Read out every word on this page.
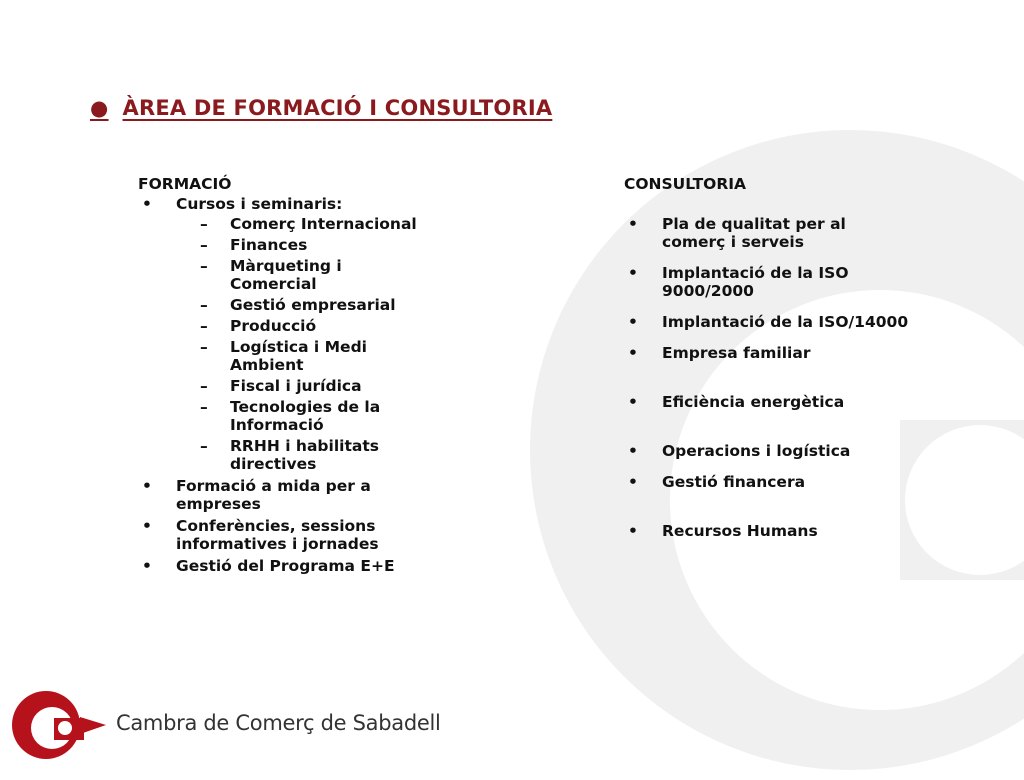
● ÀREA DE FORMACIÓ I CONSULTORIA
FORMACIÓ
• Cursos i seminaris:
– Comerç Internacional
– Finances
– Màrqueting i Comercial
– Gestió empresarial
– Producció
– Logística i Medi Ambient
– Fiscal i jurídica
– Tecnologies de la Informació
– RRHH i habilitats directives
• Formació a mida per a empreses
• Conferències, sessions informatives i jornades
• Gestió del Programa E+E
CONSULTORIA
• Pla de qualitat per al comerç i serveis
• Implantació de la ISO 9000/2000
• Implantació de la ISO/14000
• Empresa familiar
• Eficiència energètica
• Operacions i logística
• Gestió financera
• Recursos Humans
Cambra de Comerç de Sabadell
